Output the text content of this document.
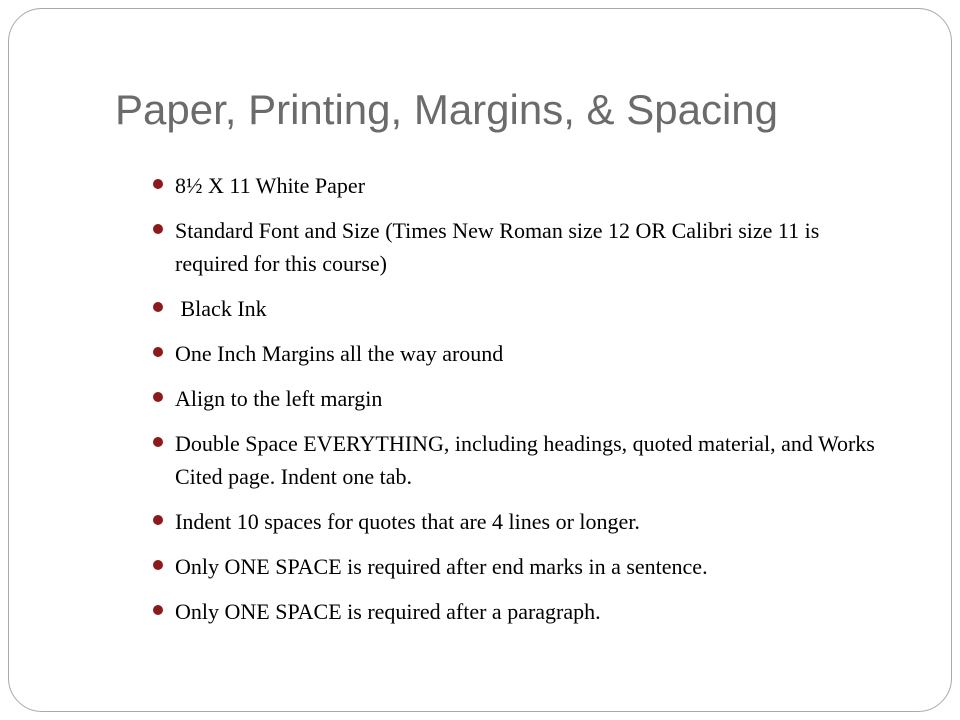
Paper, Printing, Margins, & Spacing
8½ X 11 White Paper
Standard Font and Size (Times New Roman size 12 OR Calibri size 11 is required for this course)
Black Ink
One Inch Margins all the way around
Align to the left margin
Double Space EVERYTHING, including headings, quoted material, and Works Cited page. Indent one tab.
Indent 10 spaces for quotes that are 4 lines or longer.
Only ONE SPACE is required after end marks in a sentence.
Only ONE SPACE is required after a paragraph.
